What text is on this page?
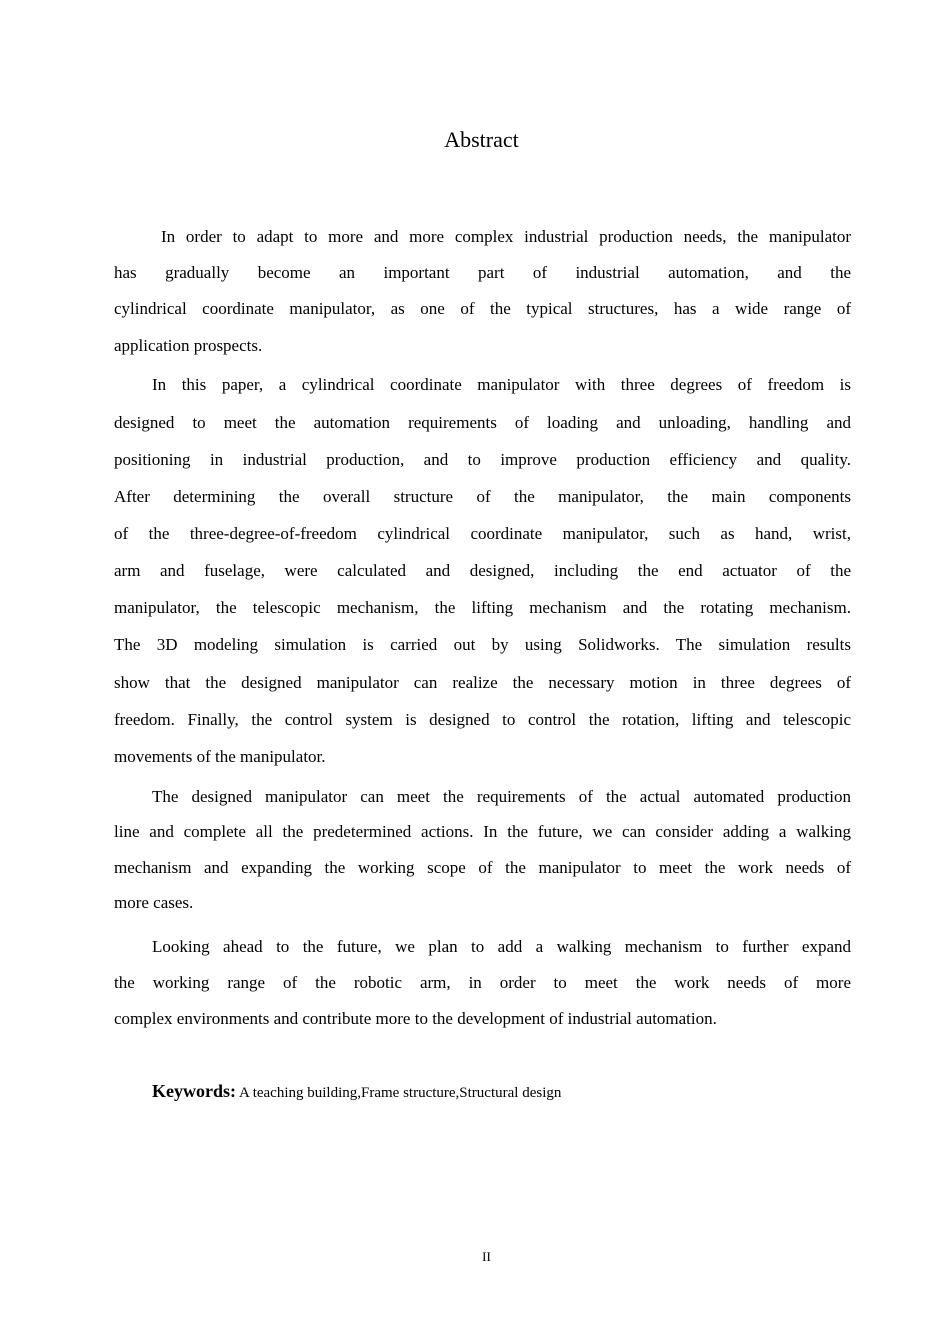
Abstract
In order to adapt to more and more complex industrial production needs, the manipulator
has gradually become an important part of industrial automation, and the
cylindrical coordinate manipulator, as one of the typical structures, has a wide range of
application prospects.
In this paper, a cylindrical coordinate manipulator with three degrees of freedom is
designed to meet the automation requirements of loading and unloading, handling and
positioning in industrial production, and to improve production efficiency and quality.
After determining the overall structure of the manipulator, the main components
of the three-degree-of-freedom cylindrical coordinate manipulator, such as hand, wrist,
arm and fuselage, were calculated and designed, including the end actuator of the
manipulator, the telescopic mechanism, the lifting mechanism and the rotating mechanism.
The 3D modeling simulation is carried out by using Solidworks. The simulation results
show that the designed manipulator can realize the necessary motion in three degrees of
freedom. Finally, the control system is designed to control the rotation, lifting and telescopic
movements of the manipulator.
The designed manipulator can meet the requirements of the actual automated production
line and complete all the predetermined actions. In the future, we can consider adding a walking
mechanism and expanding the working scope of the manipulator to meet the work needs of
more cases.
Looking ahead to the future, we plan to add a walking mechanism to further expand
the working range of the robotic arm, in order to meet the work needs of more
complex environments and contribute more to the development of industrial automation.
Keywords: A teaching building,Frame structure,Structural design
II
